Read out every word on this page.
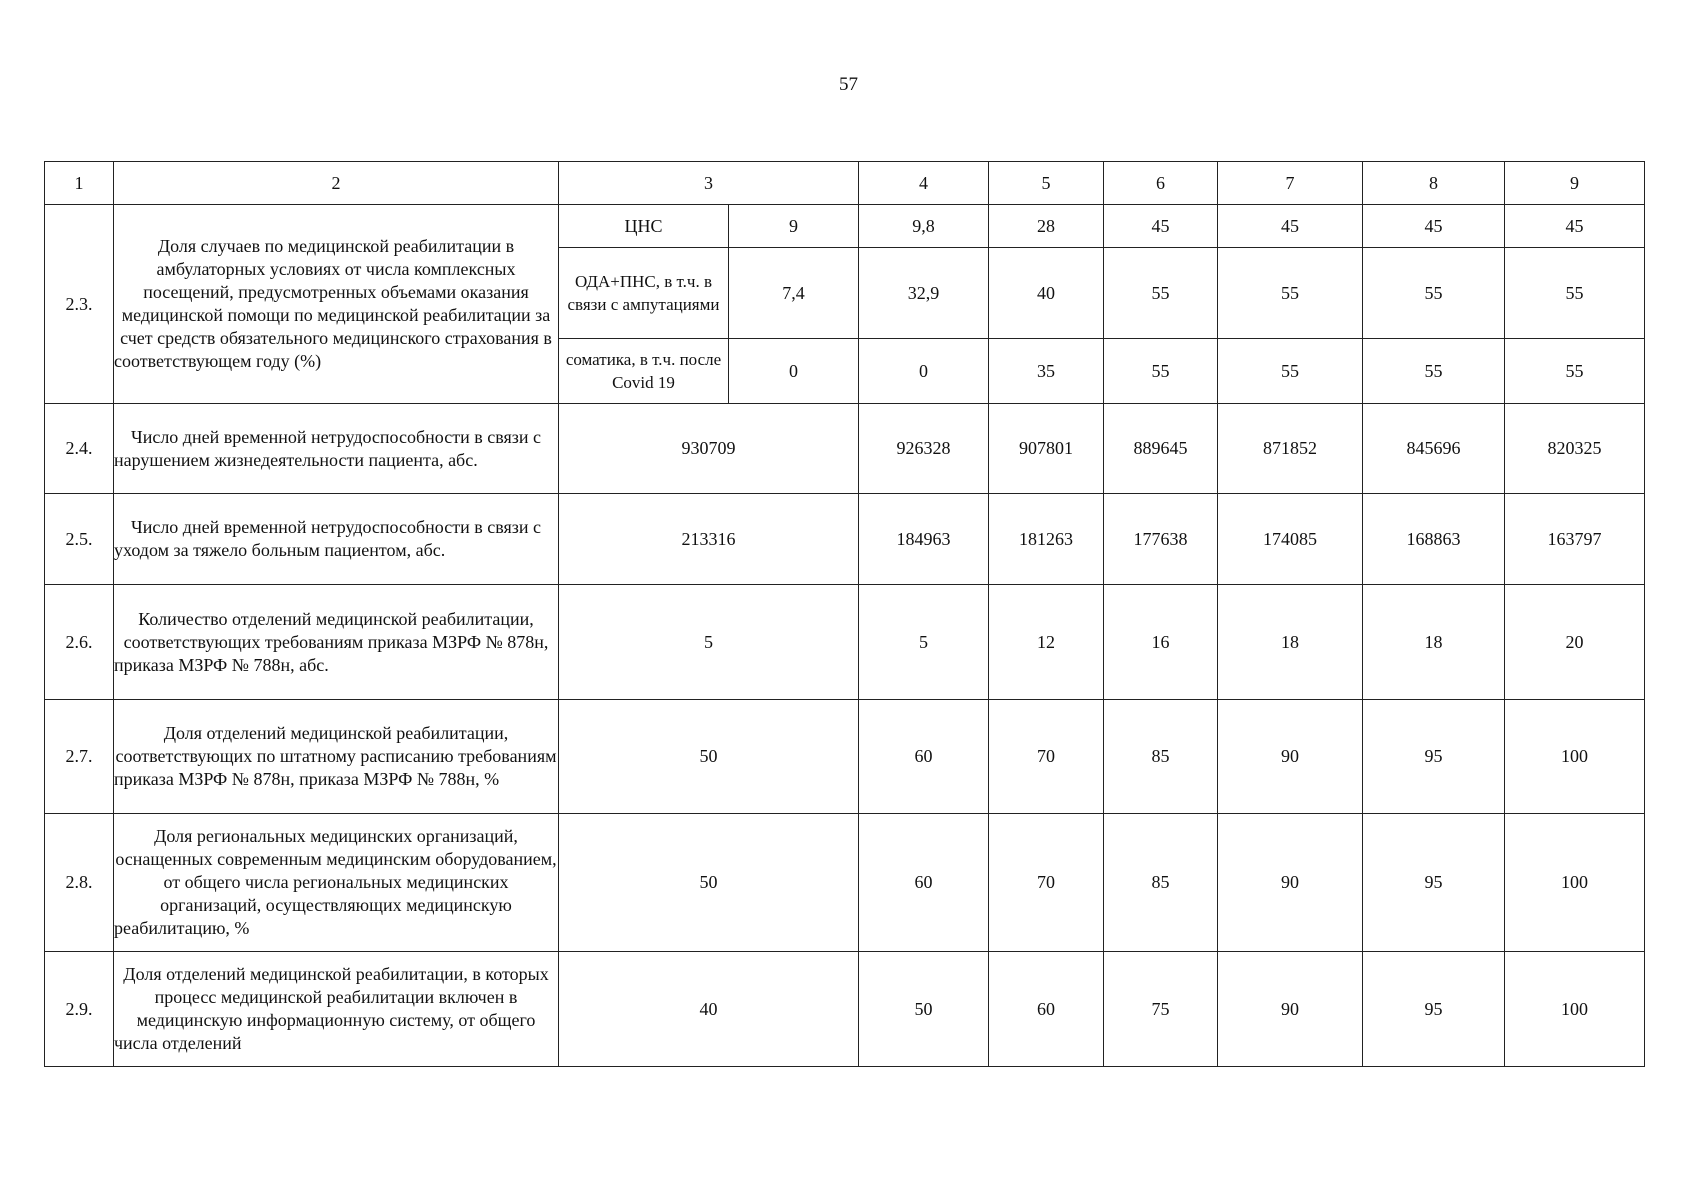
57
1	2	3		4	5	6	7	8	9
2.3.	Доля случаев по медицинской реабилитации в амбулаторных условиях от числа комплексных посещений, предусмотренных объемами оказания медицинской помощи по медицинской реабилитации за счет средств обязательного медицинского страхования в соответствующем году (%)	ЦНС	9	9,8	28	45	45	45	45
		ОДА+ПНС, в т.ч. в связи с ампутациями	7,4	32,9	40	55	55	55	55
		соматика, в т.ч. после Covid 19	0	0	35	55	55	55	55
2.4.	Число дней временной нетрудоспособности в связи с нарушением жизнедеятельности пациента, абс.	930709		926328	907801	889645	871852	845696	820325
2.5.	Число дней временной нетрудоспособности в связи с уходом за тяжело больным пациентом, абс.	213316		184963	181263	177638	174085	168863	163797
2.6.	Количество отделений медицинской реабилитации, соответствующих требованиям приказа МЗРФ № 878н, приказа МЗРФ № 788н, абс.	5		5	12	16	18	18	20
2.7.	Доля отделений медицинской реабилитации, соответствующих по штатному расписанию требованиям приказа МЗРФ № 878н, приказа МЗРФ № 788н, %	50		60	70	85	90	95	100
2.8.	Доля региональных медицинских организаций, оснащенных современным медицинским оборудованием, от общего числа региональных медицинских организаций, осуществляющих медицинскую реабилитацию, %	50		60	70	85	90	95	100
2.9.	Доля отделений медицинской реабилитации, в которых процесс медицинской реабилитации включен в медицинскую информационную систему, от общего числа отделений	40		50	60	75	90	95	100
